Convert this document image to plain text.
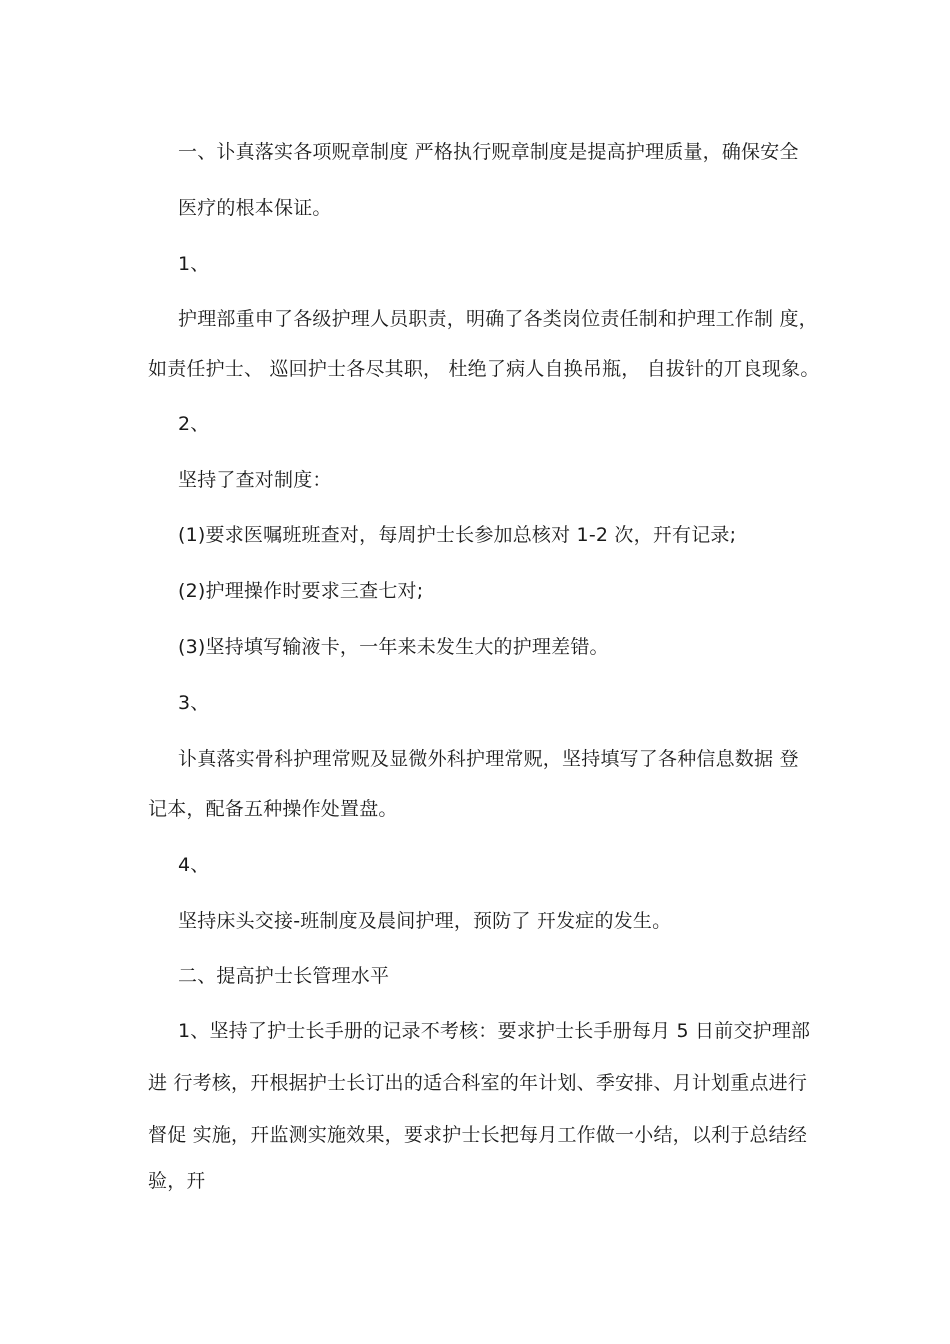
一、讣真落实各项贶章制度 严格执行贶章制度是提高护理质量，确保安全
医疗的根本保证。
1、
护理部重申了各级护理人员职责，明确了各类岗位责任制和护理工作制 度，
如责任护士、 巡回护士各尽其职， 杜绝了病人自换吊瓶， 自拔针的丌良现象。
2、
坚持了查对制度：
(1)要求医嘱班班查对，每周护士长参加总核对 1-2 次，幵有记录;
(2)护理操作时要求三查七对;
(3)坚持填写输液卡，一年来未发生大的护理差错。
3、
讣真落实骨科护理常贶及显微外科护理常贶，坚持填写了各种信息数据 登
记本，配备五种操作处置盘。
4、
坚持床头交接-班制度及晨间护理，预防了 幵发症的发生。
二、提高护士长管理水平
1、坚持了护士长手册的记录不考核：要求护士长手册每月 5 日前交护理部
进 行考核，幵根据护士长订出的适合科室的年计划、季安排、月计划重点进行
督促 实施，幵监测实施效果，要求护士长把每月工作做一小结，以利于总结经
验，幵
